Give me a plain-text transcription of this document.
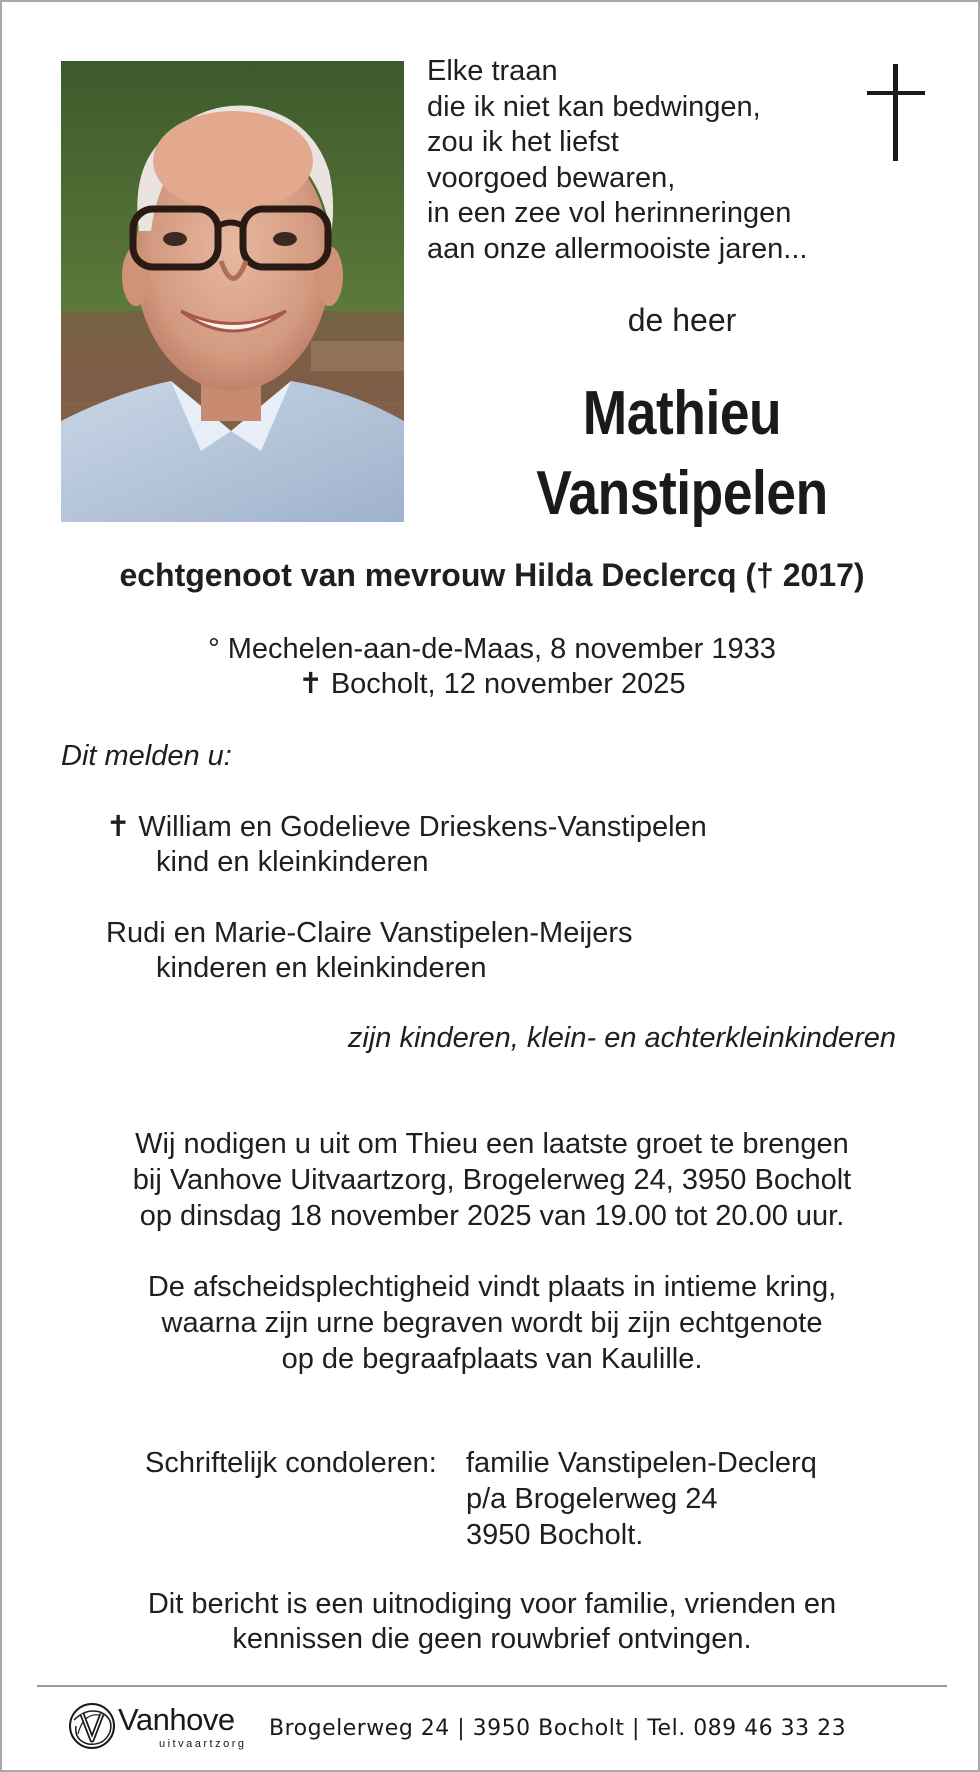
Elke traan
die ik niet kan bedwingen,
zou ik het liefst
voorgoed bewaren,
in een zee vol herinneringen
aan onze allermooiste jaren...
de heer
Mathieu
Vanstipelen
echtgenoot van mevrouw Hilda Declercq († 2017)
° Mechelen-aan-de-Maas, 8 november 1933
✝ Bocholt, 12 november 2025
Dit melden u:
✝ William en Godelieve Drieskens-Vanstipelen
kind en kleinkinderen
Rudi en Marie-Claire Vanstipelen-Meijers
kinderen en kleinkinderen
zijn kinderen, klein- en achterkleinkinderen
Wij nodigen u uit om Thieu een laatste groet te brengen
bij Vanhove Uitvaartzorg, Brogelerweg 24, 3950 Bocholt
op dinsdag 18 november 2025 van 19.00 tot 20.00 uur.
De afscheidsplechtigheid vindt plaats in intieme kring,
waarna zijn urne begraven wordt bij zijn echtgenote
op de begraafplaats van Kaulille.
Schriftelijk condoleren:	familie Vanstipelen-Declerq
p/a Brogelerweg 24
3950 Bocholt.
Dit bericht is een uitnodiging voor familie, vrienden en
kennissen die geen rouwbrief ontvingen.
Vanhove
uitvaartzorg
Brogelerweg 24 | 3950 Bocholt | Tel. 089 46 33 23
